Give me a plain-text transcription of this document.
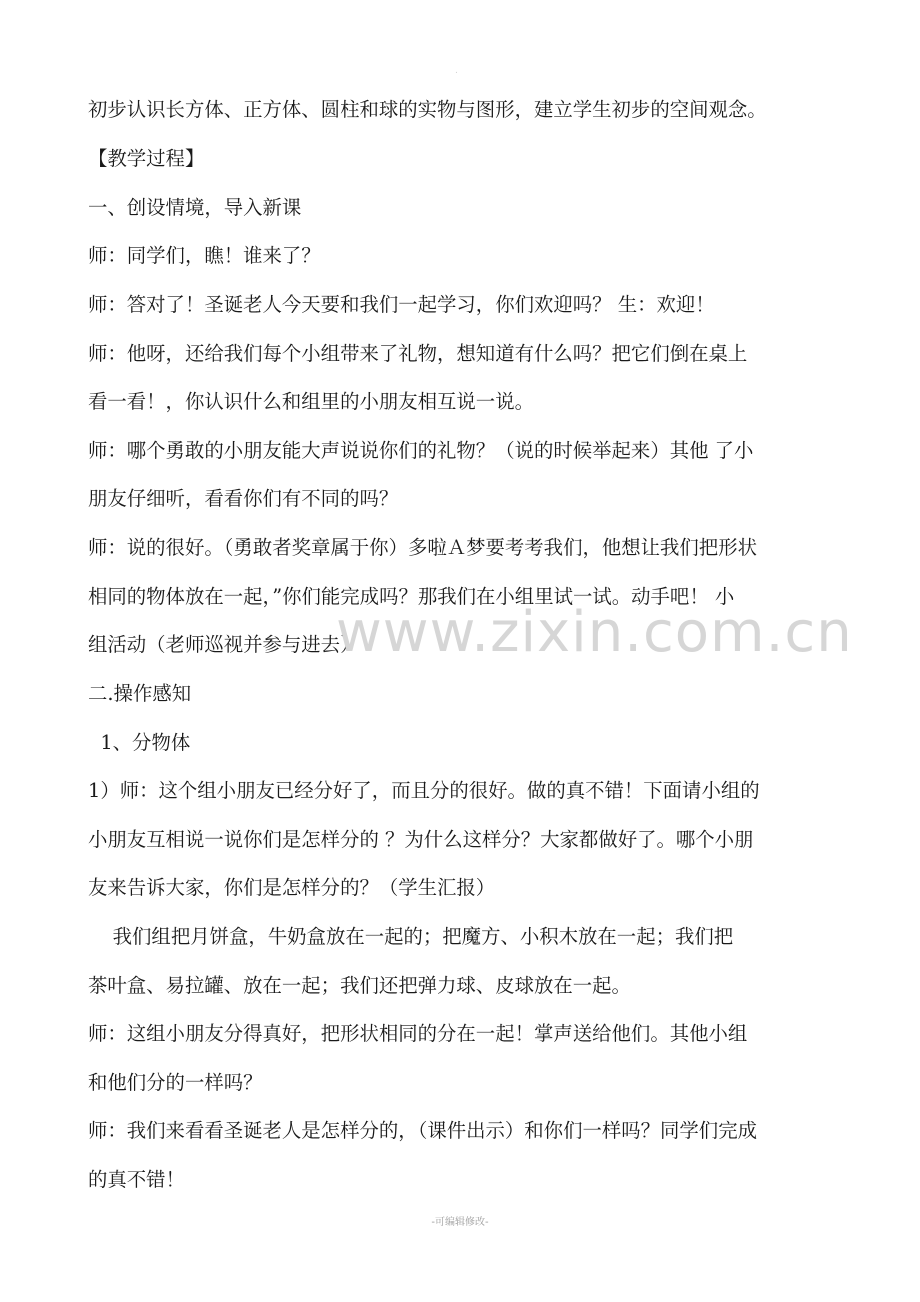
.
初步认识长方体、正方体、圆柱和球的实物与图形，建立学生初步的空间观念。
【教学过程】
一、创设情境，导入新课
师：同学们，瞧！谁来了？
师：答对了！圣诞老人今天要和我们一起学习，你们欢迎吗？ 生：欢迎！
师：他呀，还给我们每个小组带来了礼物，想知道有什么吗？把它们倒在桌上
看一看！，你认识什么和组里的小朋友相互说一说。
师：哪个勇敢的小朋友能大声说说你们的礼物？（说的时候举起来）其他 了小
朋友仔细听，看看你们有不同的吗？
师：说的很好。（勇敢者奖章属于你）多啦Ａ梦要考考我们，他想让我们把形状
相同的物体放在一起，”你们能完成吗？那我们在小组里试一试。动手吧！ 小
组活动（老师巡视并参与进去）
二.操作感知
1、分物体
1）师：这个组小朋友已经分好了，而且分的很好。做的真不错！下面请小组的
小朋友互相说一说你们是怎样分的 ？为什么这样分？大家都做好了。哪个小朋
友来告诉大家，你们是怎样分的？（学生汇报）
我们组把月饼盒，牛奶盒放在一起的；把魔方、小积木放在一起；我们把
茶叶盒、易拉罐、放在一起；我们还把弹力球、皮球放在一起。
师：这组小朋友分得真好，把形状相同的分在一起！掌声送给他们。其他小组
和他们分的一样吗？
师：我们来看看圣诞老人是怎样分的，（课件出示）和你们一样吗？同学们完成
的真不错！
www.zixin.com.cn
-可编辑修改-
